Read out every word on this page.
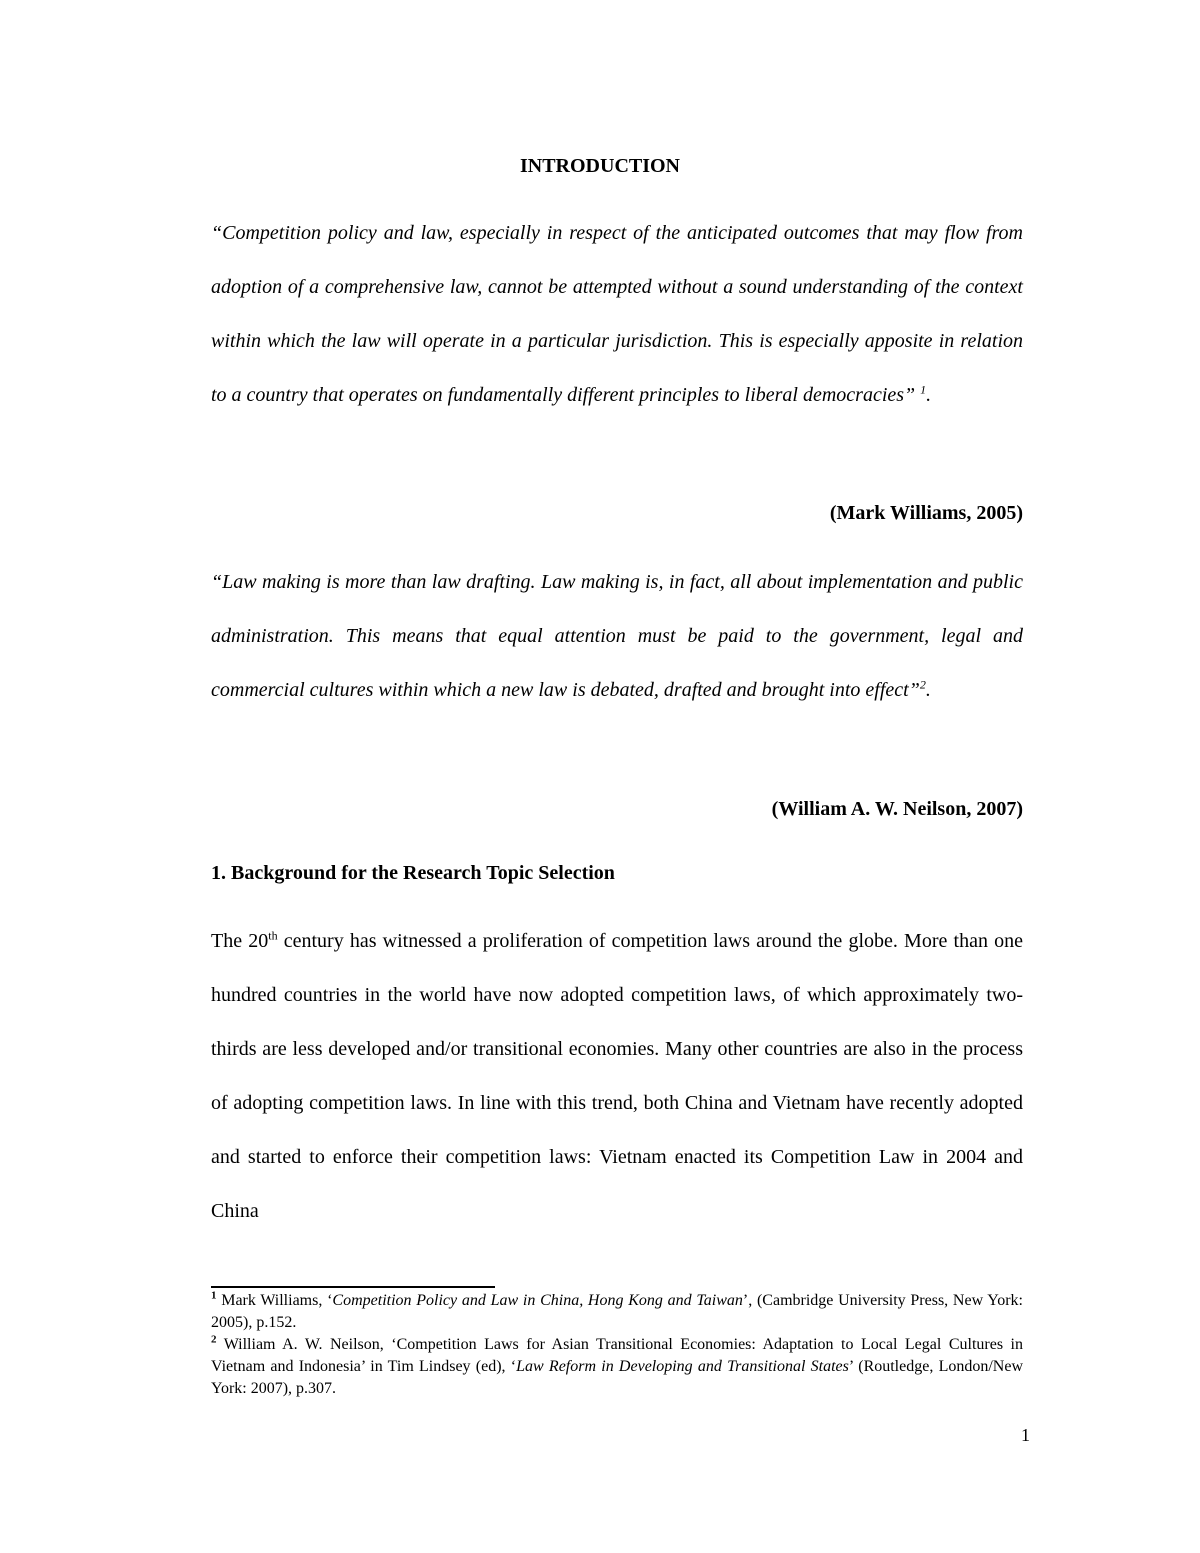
INTRODUCTION

“Competition policy and law, especially in respect of the anticipated outcomes that may flow from adoption of a comprehensive law, cannot be attempted without a sound understanding of the context within which the law will operate in a particular jurisdiction. This is especially apposite in relation to a country that operates on fundamentally different principles to liberal democracies” $^1$.

(Mark Williams, 2005)

“Law making is more than law drafting. Law making is, in fact, all about implementation and public administration. This means that equal attention must be paid to the government, legal and commercial cultures within which a new law is debated, drafted and brought into effect”$^2$.

(William A. W. Neilson, 2007)

1. Background for the Research Topic Selection

The 20th century has witnessed a proliferation of competition laws around the globe. More than one hundred countries in the world have now adopted competition laws, of which approximately two-thirds are less developed and/or transitional economies. Many other countries are also in the process of adopting competition laws. In line with this trend, both China and Vietnam have recently adopted and started to enforce their competition laws: Vietnam enacted its Competition Law in 2004 and China

$^1$ Mark Williams, ‘Competition Policy and Law in China, Hong Kong and Taiwan’, (Cambridge University Press, New York: 2005), p.152.

$^2$ William A. W. Neilson, ‘Competition Laws for Asian Transitional Economies: Adaptation to Local Legal Cultures in Vietnam and Indonesia’ in Tim Lindsey (ed), ‘Law Reform in Developing and Transitional States’ (Routledge, London/New York: 2007), p.307.

1
